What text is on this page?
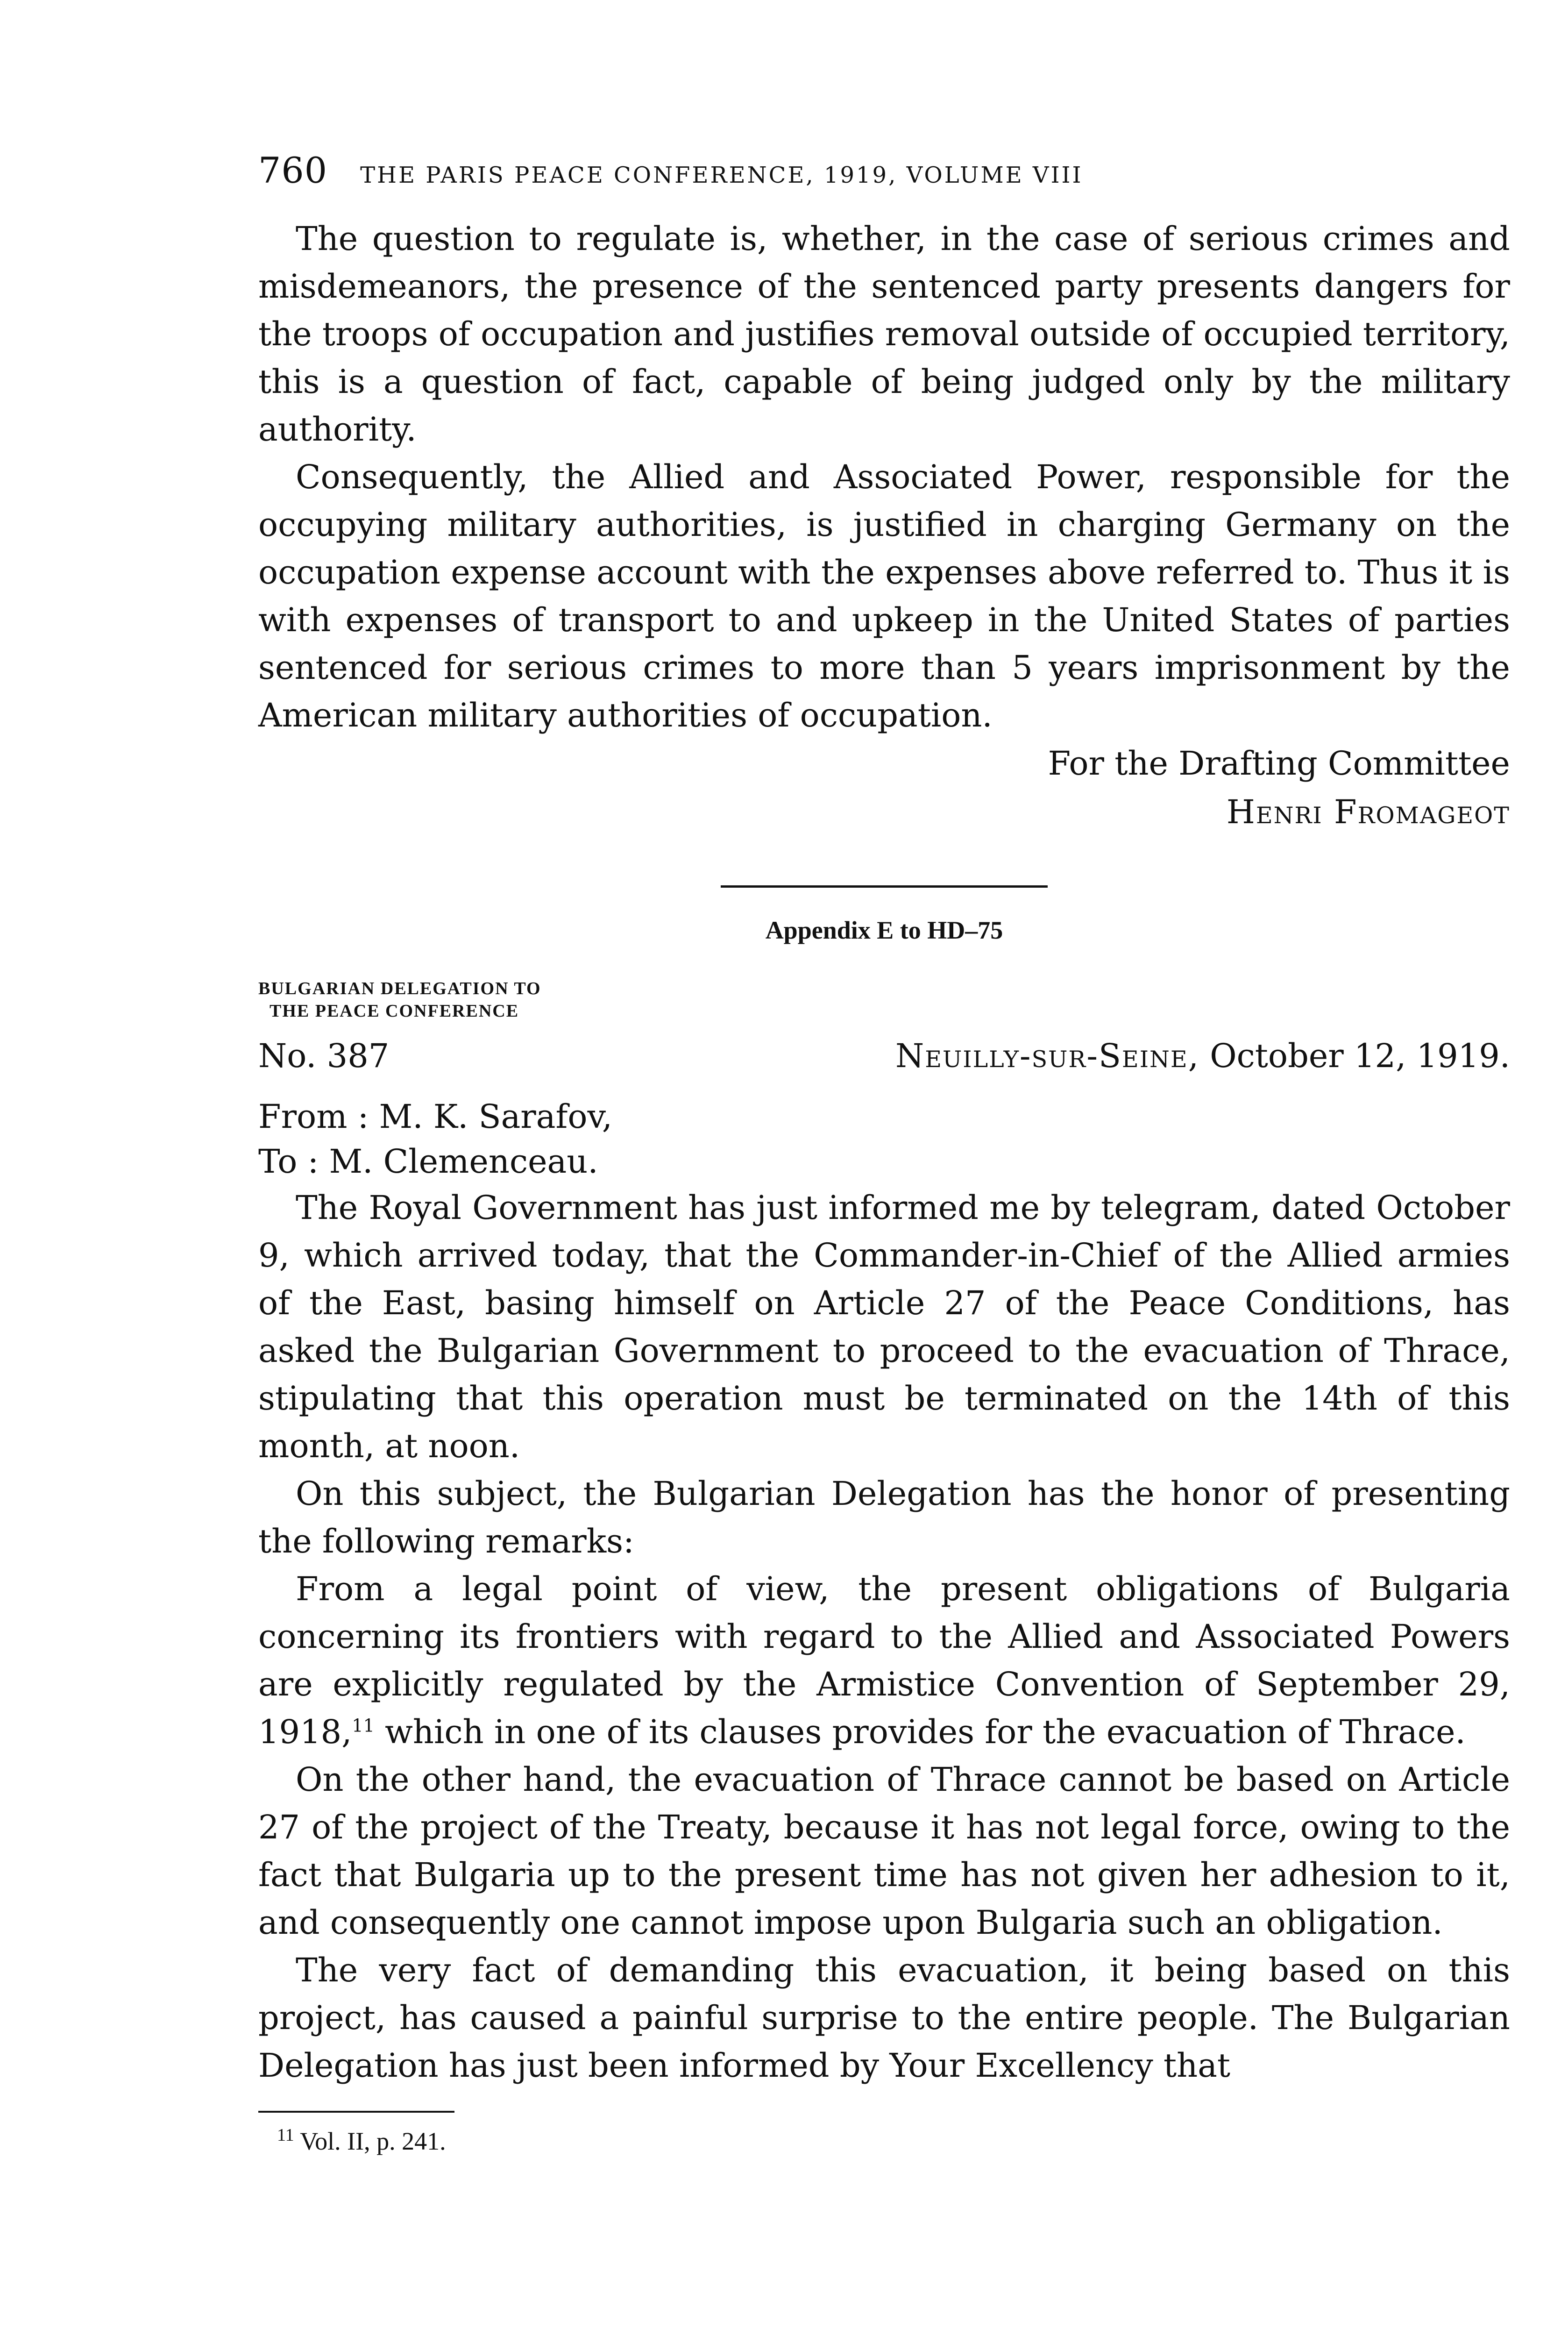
760 THE PARIS PEACE CONFERENCE, 1919, VOLUME VIII

The question to regulate is, whether, in the case of serious crimes and misdemeanors, the presence of the sentenced party presents dangers for the troops of occupation and justifies removal outside of occupied territory, this is a question of fact, capable of being judged only by the military authority.

Consequently, the Allied and Associated Power, responsible for the occupying military authorities, is justified in charging Germany on the occupation expense account with the expenses above referred to. Thus it is with expenses of transport to and upkeep in the United States of parties sentenced for serious crimes to more than 5 years imprisonment by the American military authorities of occupation.

For the Drafting Committee
Henri Fromageot
Appendix E to HD–75
BULGARIAN DELEGATION TO
THE PEACE CONFERENCE
No. 387	Neuilly-sur-Seine, October 12, 1919.
From : M. K. Sarafov,
To : M. Clemenceau.

The Royal Government has just informed me by telegram, dated October 9, which arrived today, that the Commander-in-Chief of the Allied armies of the East, basing himself on Article 27 of the Peace Conditions, has asked the Bulgarian Government to proceed to the evacuation of Thrace, stipulating that this operation must be terminated on the 14th of this month, at noon.

On this subject, the Bulgarian Delegation has the honor of presenting the following remarks:

From a legal point of view, the present obligations of Bulgaria concerning its frontiers with regard to the Allied and Associated Powers are explicitly regulated by the Armistice Convention of September 29, 1918,11 which in one of its clauses provides for the evacuation of Thrace.

On the other hand, the evacuation of Thrace cannot be based on Article 27 of the project of the Treaty, because it has not legal force, owing to the fact that Bulgaria up to the present time has not given her adhesion to it, and consequently one cannot impose upon Bulgaria such an obligation.

The very fact of demanding this evacuation, it being based on this project, has caused a painful surprise to the entire people. The Bulgarian Delegation has just been informed by Your Excellency that

$^{11}$ Vol. II, p. 241.
